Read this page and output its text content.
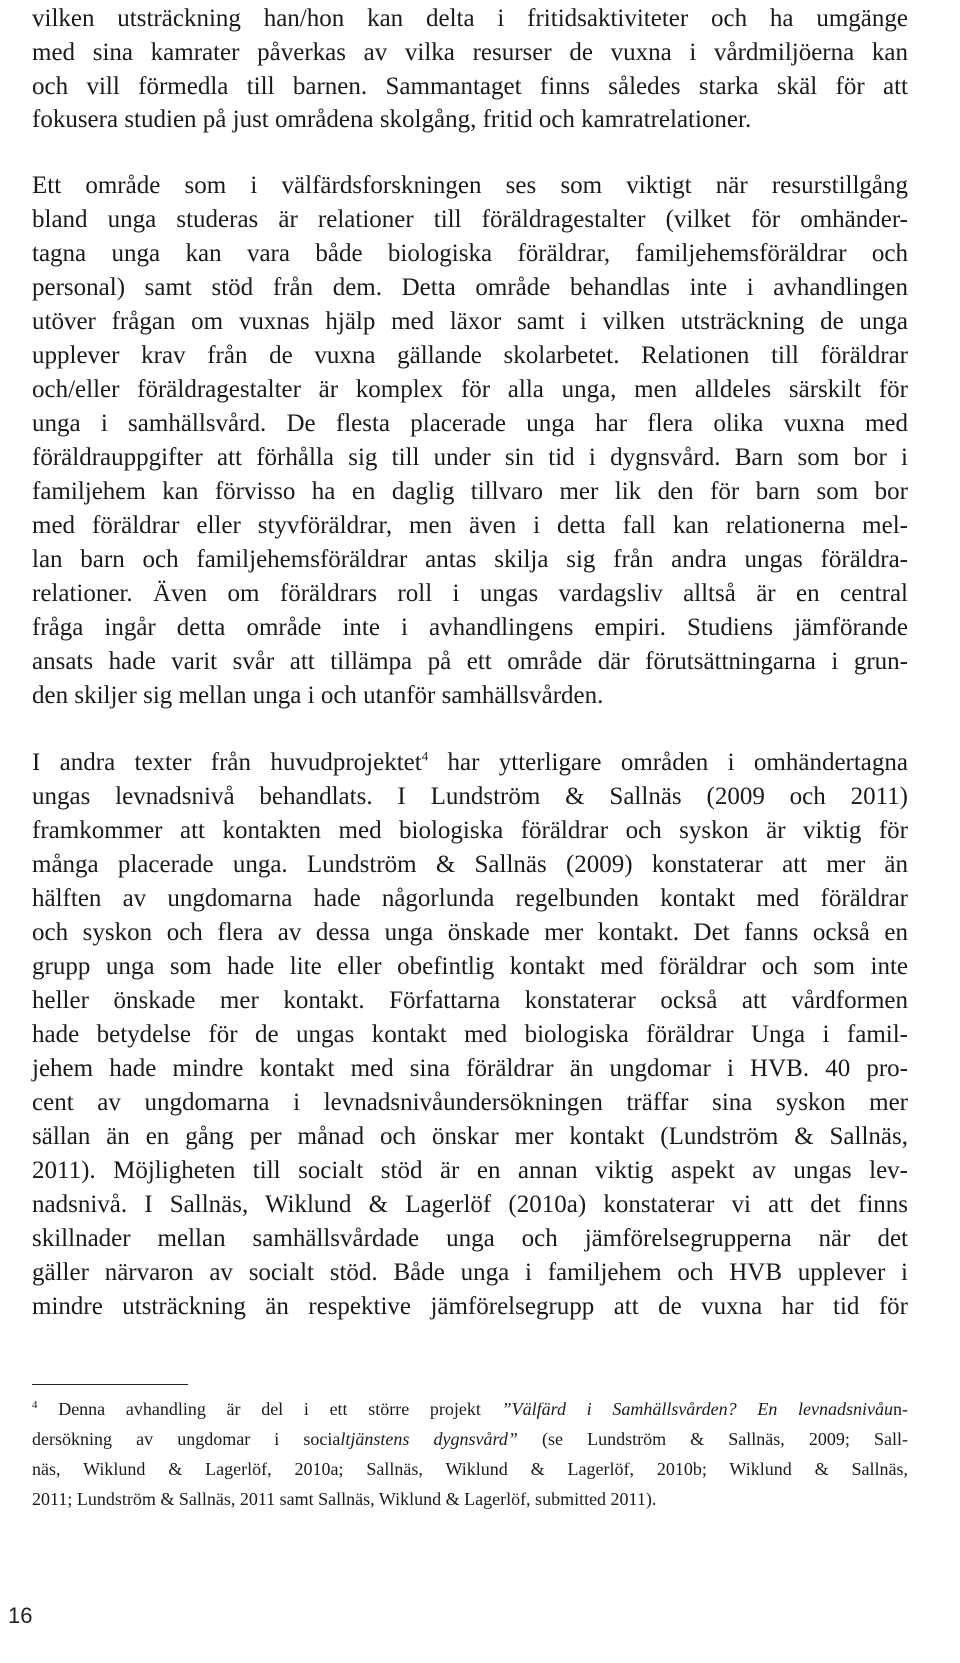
vilken utsträckning han/hon kan delta i fritidsaktiviteter och ha umgänge
med sina kamrater påverkas av vilka resurser de vuxna i vårdmiljöerna kan
och vill förmedla till barnen. Sammantaget finns således starka skäl för att
fokusera studien på just områdena skolgång, fritid och kamratrelationer.
Ett område som i välfärdsforskningen ses som viktigt när resurstillgång
bland unga studeras är relationer till föräldragestalter (vilket för omhänder-
tagna unga kan vara både biologiska föräldrar, familjehemsföräldrar och
personal) samt stöd från dem. Detta område behandlas inte i avhandlingen
utöver frågan om vuxnas hjälp med läxor samt i vilken utsträckning de unga
upplever krav från de vuxna gällande skolarbetet. Relationen till föräldrar
och/eller föräldragestalter är komplex för alla unga, men alldeles särskilt för
unga i samhällsvård. De flesta placerade unga har flera olika vuxna med
föräldrauppgifter att förhålla sig till under sin tid i dygnsvård. Barn som bor i
familjehem kan förvisso ha en daglig tillvaro mer lik den för barn som bor
med föräldrar eller styvföräldrar, men även i detta fall kan relationerna mel-
lan barn och familjehemsföräldrar antas skilja sig från andra ungas föräldra-
relationer. Även om föräldrars roll i ungas vardagsliv alltså är en central
fråga ingår detta område inte i avhandlingens empiri. Studiens jämförande
ansats hade varit svår att tillämpa på ett område där förutsättningarna i grun-
den skiljer sig mellan unga i och utanför samhällsvården.
I andra texter från huvudprojektet$^4$ har ytterligare områden i omhändertagna
ungas levnadsnivå behandlats. I Lundström & Sallnäs (2009 och 2011)
framkommer att kontakten med biologiska föräldrar och syskon är viktig för
många placerade unga. Lundström & Sallnäs (2009) konstaterar att mer än
hälften av ungdomarna hade någorlunda regelbunden kontakt med föräldrar
och syskon och flera av dessa unga önskade mer kontakt. Det fanns också en
grupp unga som hade lite eller obefintlig kontakt med föräldrar och som inte
heller önskade mer kontakt. Författarna konstaterar också att vårdformen
hade betydelse för de ungas kontakt med biologiska föräldrar Unga i famil-
jehem hade mindre kontakt med sina föräldrar än ungdomar i HVB. 40 pro-
cent av ungdomarna i levnadsnivåundersökningen träffar sina syskon mer
sällan än en gång per månad och önskar mer kontakt (Lundström & Sallnäs,
2011). Möjligheten till socialt stöd är en annan viktig aspekt av ungas lev-
nadsnivå. I Sallnäs, Wiklund & Lagerlöf (2010a) konstaterar vi att det finns
skillnader mellan samhällsvårdade unga och jämförelsegrupperna när det
gäller närvaron av socialt stöd. Både unga i familjehem och HVB upplever i
mindre utsträckning än respektive jämförelsegrupp att de vuxna har tid för
$^4$ Denna avhandling är del i ett större projekt ”Välfärd i Samhällsvården? En levnadsnivåun-
dersökning av ungdomar i socialtjänstens dygnsvård” (se Lundström & Sallnäs, 2009; Sall-
näs, Wiklund & Lagerlöf, 2010a; Sallnäs, Wiklund & Lagerlöf, 2010b; Wiklund & Sallnäs,
2011; Lundström & Sallnäs, 2011 samt Sallnäs, Wiklund & Lagerlöf, submitted 2011).
16
